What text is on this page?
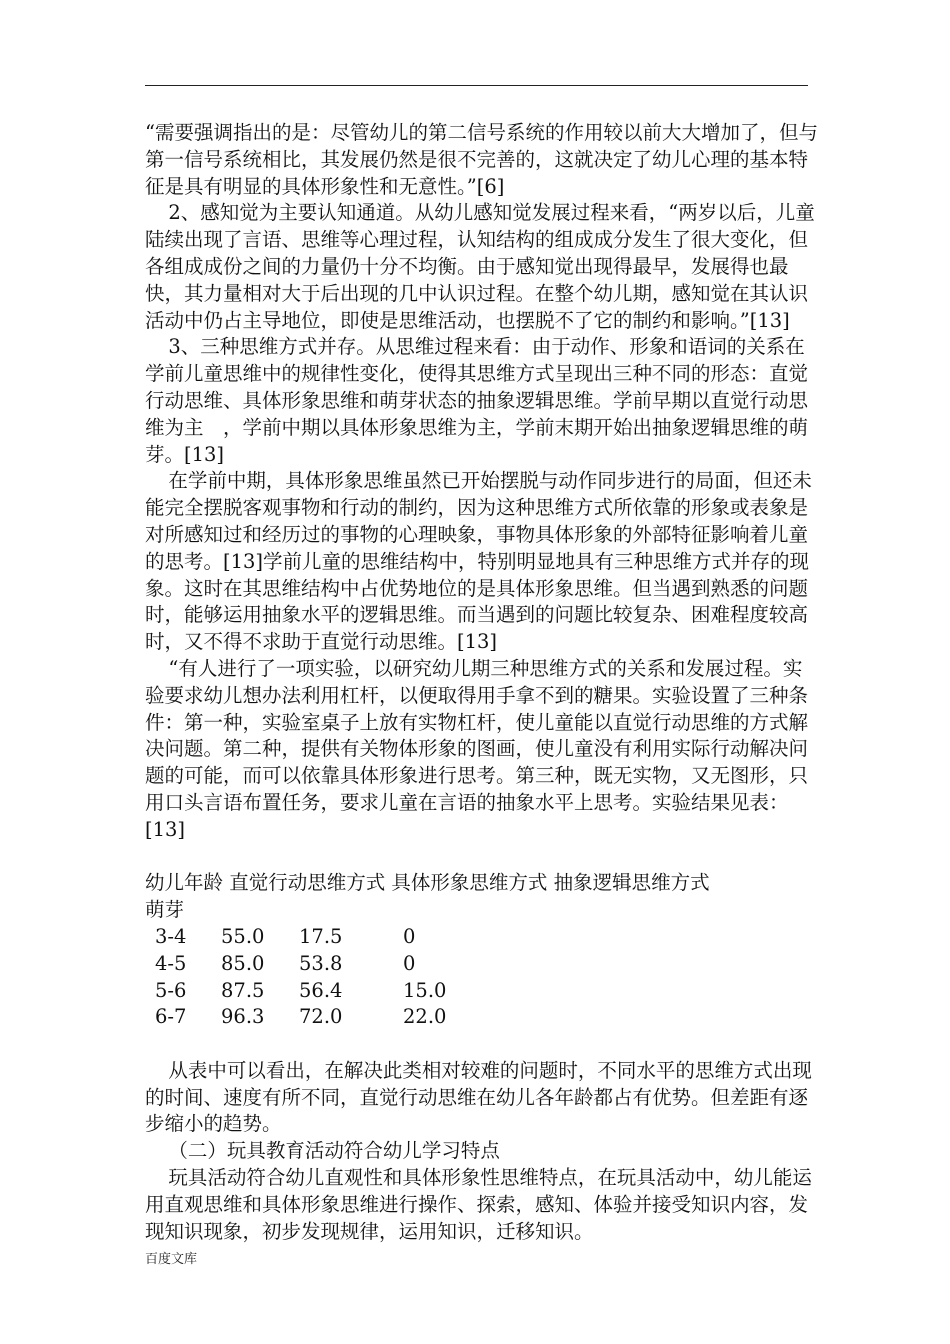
“需要强调指出的是：尽管幼儿的第二信号系统的作用较以前大大增加了，但与第一信号系统相比，其发展仍然是很不完善的，这就决定了幼儿心理的基本特征是具有明显的具体形象性和无意性。”[6]

2、感知觉为主要认知通道。从幼儿感知觉发展过程来看，“两岁以后，儿童陆续出现了言语、思维等心理过程，认知结构的组成成分发生了很大变化，但各组成成份之间的力量仍十分不均衡。由于感知觉出现得最早，发展得也最快，其力量相对大于后出现的几中认识过程。在整个幼儿期，感知觉在其认识活动中仍占主导地位，即使是思维活动，也摆脱不了它的制约和影响。”[13]

3、三种思维方式并存。从思维过程来看：由于动作、形象和语词的关系在学前儿童思维中的规律性变化，使得其思维方式呈现出三种不同的形态：直觉行动思维、具体形象思维和萌芽状态的抽象逻辑思维。学前早期以直觉行动思维为主　，学前中期以具体形象思维为主，学前末期开始出抽象逻辑思维的萌芽。[13]

在学前中期，具体形象思维虽然已开始摆脱与动作同步进行的局面，但还未能完全摆脱客观事物和行动的制约，因为这种思维方式所依靠的形象或表象是对所感知过和经历过的事物的心理映象，事物具体形象的外部特征影响着儿童的思考。[13]学前儿童的思维结构中，特别明显地具有三种思维方式并存的现象。这时在其思维结构中占优势地位的是具体形象思维。但当遇到熟悉的问题时，能够运用抽象水平的逻辑思维。而当遇到的问题比较复杂、困难程度较高时，又不得不求助于直觉行动思维。[13]

“有人进行了一项实验，以研究幼儿期三种思维方式的关系和发展过程。实验要求幼儿想办法利用杠杆，以便取得用手拿不到的糖果。实验设置了三种条件：第一种，实验室桌子上放有实物杠杆，使儿童能以直觉行动思维的方式解决问题。第二种，提供有关物体形象的图画，使儿童没有利用实际行动解决问题的可能，而可以依靠具体形象进行思考。第三种，既无实物，又无图形，只用口头言语布置任务，要求儿童在言语的抽象水平上思考。实验结果见表：[13]

幼儿年龄 直觉行动思维方式 具体形象思维方式 抽象逻辑思维方式

萌芽

3-4	55.0	17.5	0
4-5	85.0	53.8	0
5-6	87.5	56.4	15.0
6-7	96.3	72.0	22.0

从表中可以看出，在解决此类相对较难的问题时，不同水平的思维方式出现的时间、速度有所不同，直觉行动思维在幼儿各年龄都占有优势。但差距有逐步缩小的趋势。

（二）玩具教育活动符合幼儿学习特点

玩具活动符合幼儿直观性和具体形象性思维特点，在玩具活动中，幼儿能运用直观思维和具体形象思维进行操作、探索，感知、体验并接受知识内容，发现知识现象，初步发现规律，运用知识，迁移知识。

百度文库
